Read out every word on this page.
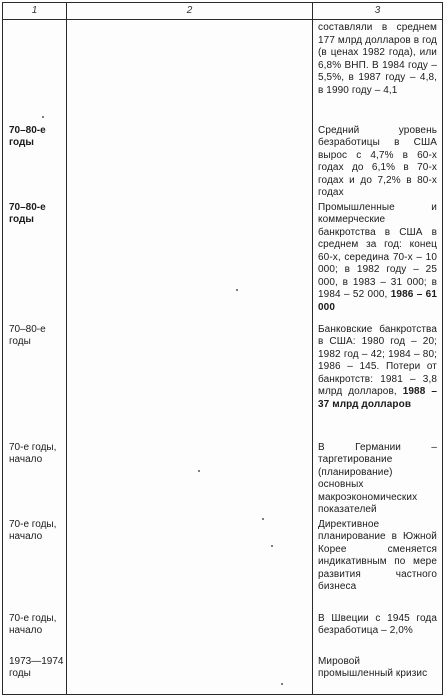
1	2	3

		составляли в среднем 177 млрд долларов в год (в ценах 1982 года), или 6,8% ВНП. В 1984 году – 5,5%, в 1987 году – 4,8, в 1990 году – 4,1

70–80-е
годы		Средний уровень безработицы в США вырос с 4,7% в 60-х годах до 6,1% в 70-х годах и до 7,2% в 80-х годах

70–80-е
годы		Промышленные и коммерческие банкротства в США в среднем за год: конец 60-х, середина 70-х – 10 000; в 1982 году – 25 000, в 1983 – 31 000; в 1984 – 52 000, 1986 – 61 000

70–80-е
годы		Банковские банкротства в США: 1980 год – 20; 1982 год – 42; 1984 – 80; 1986 – 145. Потери от банкротств: 1981 – 3,8 млрд долларов, 1988 – 37 млрд долларов

70-е годы,
начало		В Германии – таргетирование (планирование) основных макроэкономических показателей

70-е годы,
начало		Директивное планирование в Южной Корее сменяется индикативным по мере развития частного бизнеса

70-е годы,
начало		В Швеции с 1945 года безработица – 2,0%

1973—1974
годы		Мировой промышленный кризис
